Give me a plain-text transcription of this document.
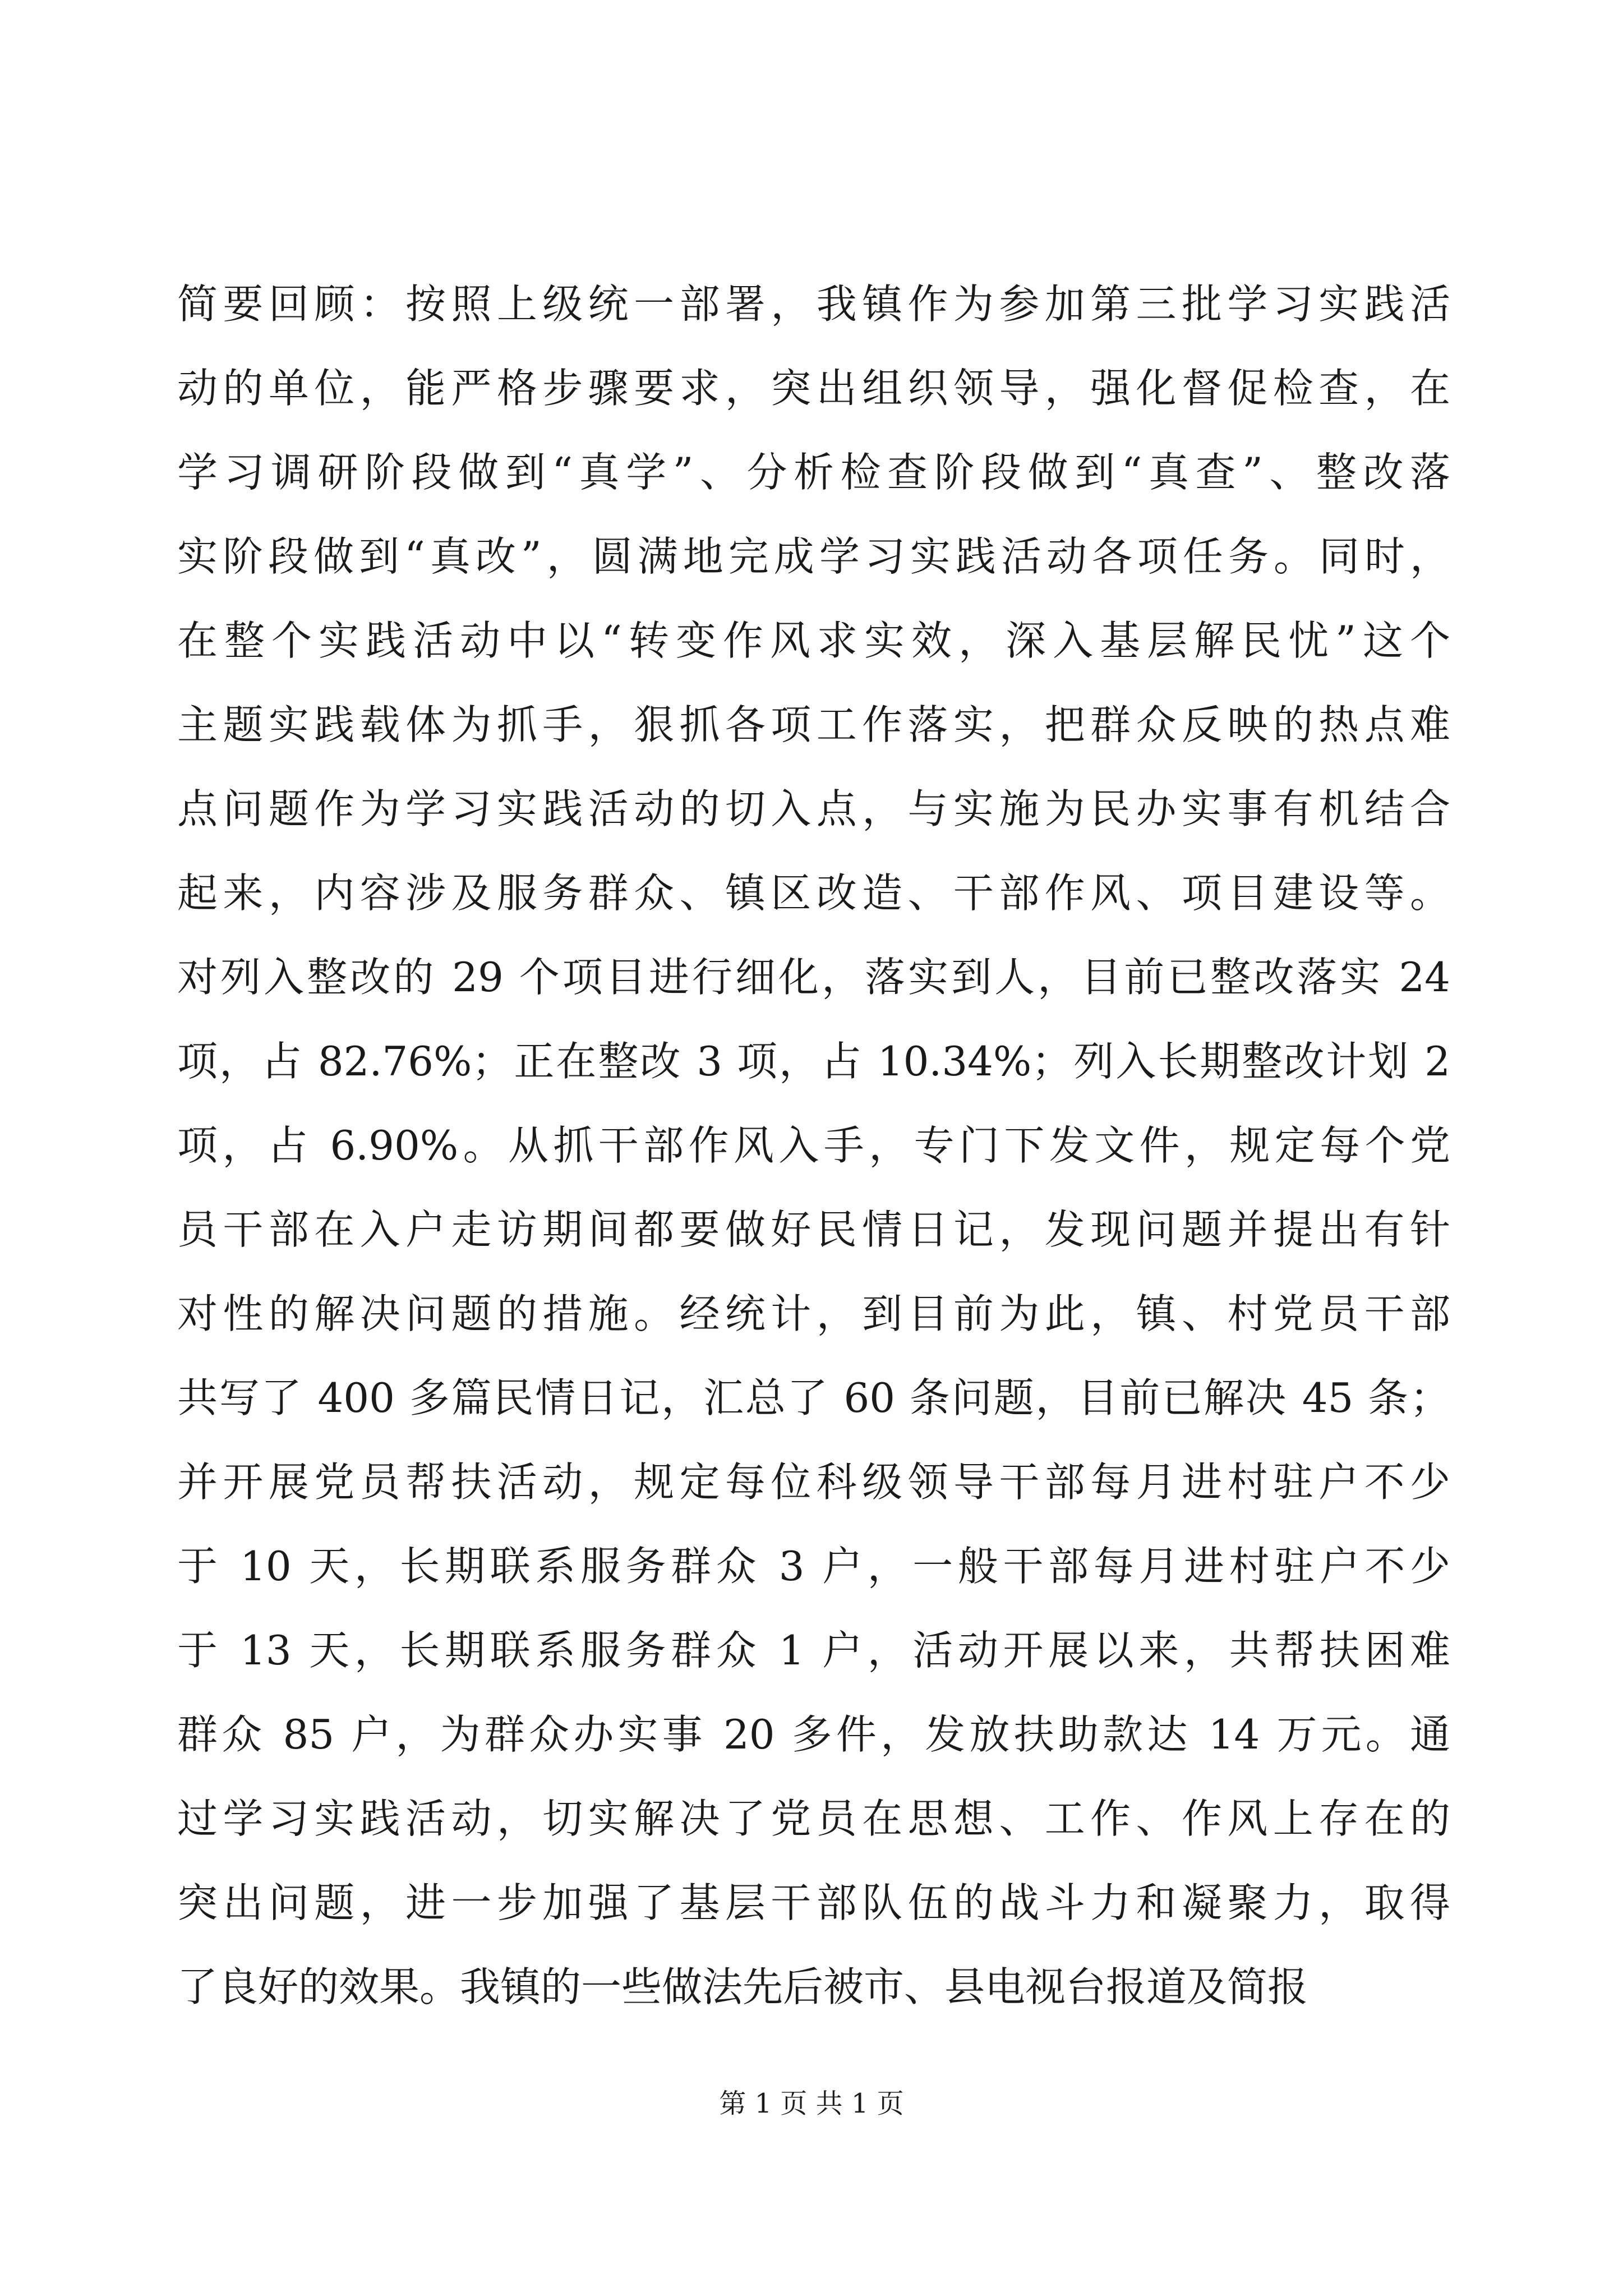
简要回顾：按照上级统一部署，我镇作为参加第三批学习实践活
动的单位，能严格步骤要求，突出组织领导，强化督促检查，在
学习调研阶段做到“真学”、分析检查阶段做到“真查”、整改落
实阶段做到“真改”，圆满地完成学习实践活动各项任务。同时，
在整个实践活动中以“转变作风求实效，深入基层解民忧”这个
主题实践载体为抓手，狠抓各项工作落实，把群众反映的热点难
点问题作为学习实践活动的切入点，与实施为民办实事有机结合
起来，内容涉及服务群众、镇区改造、干部作风、项目建设等。
对列入整改的 29 个项目进行细化，落实到人，目前已整改落实 24
项，占 82.76%；正在整改 3 项，占 10.34%；列入长期整改计划 2
项，占 6.90%。从抓干部作风入手，专门下发文件，规定每个党
员干部在入户走访期间都要做好民情日记，发现问题并提出有针
对性的解决问题的措施。经统计，到目前为此，镇、村党员干部
共写了 400 多篇民情日记，汇总了 60 条问题，目前已解决 45 条；
并开展党员帮扶活动，规定每位科级领导干部每月进村驻户不少
于 10 天，长期联系服务群众 3 户，一般干部每月进村驻户不少
于 13 天，长期联系服务群众 1 户，活动开展以来，共帮扶困难
群众 85 户，为群众办实事 20 多件，发放扶助款达 14 万元。通
过学习实践活动，切实解决了党员在思想、工作、作风上存在的
突出问题，进一步加强了基层干部队伍的战斗力和凝聚力，取得
了良好的效果。我镇的一些做法先后被市、县电视台报道及简报
第 1 页 共 1 页
